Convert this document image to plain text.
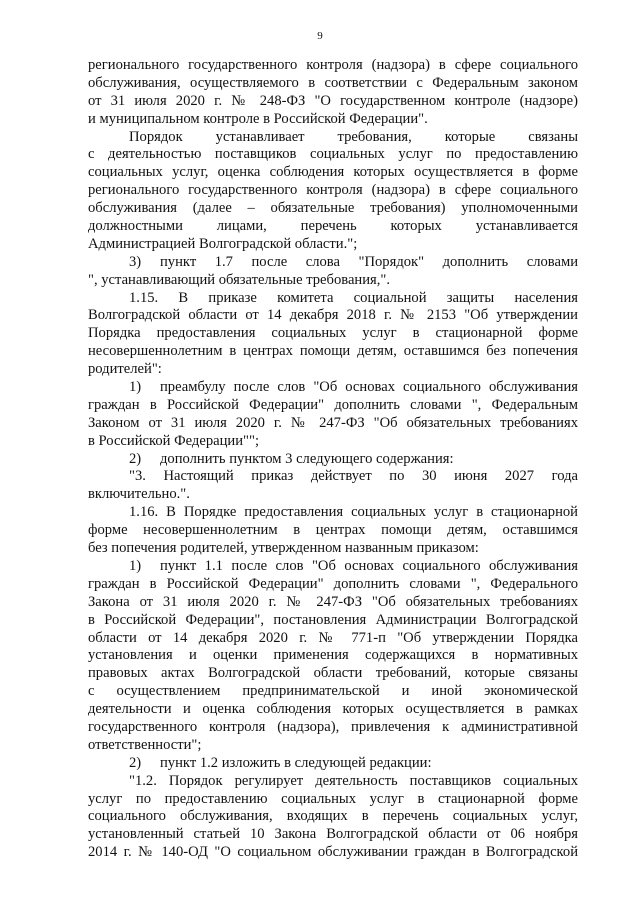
9
регионального государственного контроля (надзора) в сфере социального
обслуживания, осуществляемого в соответствии с Федеральным законом
от 31 июля 2020 г. № 248-ФЗ "О государственном контроле (надзоре)
и муниципальном контроле в Российской Федерации".
Порядок устанавливает требования, которые связаны
с деятельностью поставщиков социальных услуг по предоставлению
социальных услуг, оценка соблюдения которых осуществляется в форме
регионального государственного контроля (надзора) в сфере социального
обслуживания (далее – обязательные требования) уполномоченными
должностными лицами, перечень которых устанавливается
Администрацией Волгоградской области.";
3) пункт 1.7 после слова "Порядок" дополнить словами
", устанавливающий обязательные требования,".
1.15. В приказе комитета социальной защиты населения
Волгоградской области от 14 декабря 2018 г. № 2153 "Об утверждении
Порядка предоставления социальных услуг в стационарной форме
несовершеннолетним в центрах помощи детям, оставшимся без попечения
родителей":
1) преамбулу после слов "Об основах социального обслуживания
граждан в Российской Федерации" дополнить словами ", Федеральным
Законом от 31 июля 2020 г. № 247-ФЗ "Об обязательных требованиях
в Российской Федерации"";
2) дополнить пунктом 3 следующего содержания:
"3. Настоящий приказ действует по 30 июня 2027 года
включительно.".
1.16. В Порядке предоставления социальных услуг в стационарной
форме несовершеннолетним в центрах помощи детям, оставшимся
без попечения родителей, утвержденном названным приказом:
1) пункт 1.1 после слов "Об основах социального обслуживания
граждан в Российской Федерации" дополнить словами ", Федерального
Закона от 31 июля 2020 г. № 247-ФЗ "Об обязательных требованиях
в Российской Федерации", постановления Администрации Волгоградской
области от 14 декабря 2020 г. № 771-п "Об утверждении Порядка
установления и оценки применения содержащихся в нормативных
правовых актах Волгоградской области требований, которые связаны
с осуществлением предпринимательской и иной экономической
деятельности и оценка соблюдения которых осуществляется в рамках
государственного контроля (надзора), привлечения к административной
ответственности";
2) пункт 1.2 изложить в следующей редакции:
"1.2. Порядок регулирует деятельность поставщиков социальных
услуг по предоставлению социальных услуг в стационарной форме
социального обслуживания, входящих в перечень социальных услуг,
установленный статьей 10 Закона Волгоградской области от 06 ноября
2014 г. № 140-ОД "О социальном обслуживании граждан в Волгоградской
